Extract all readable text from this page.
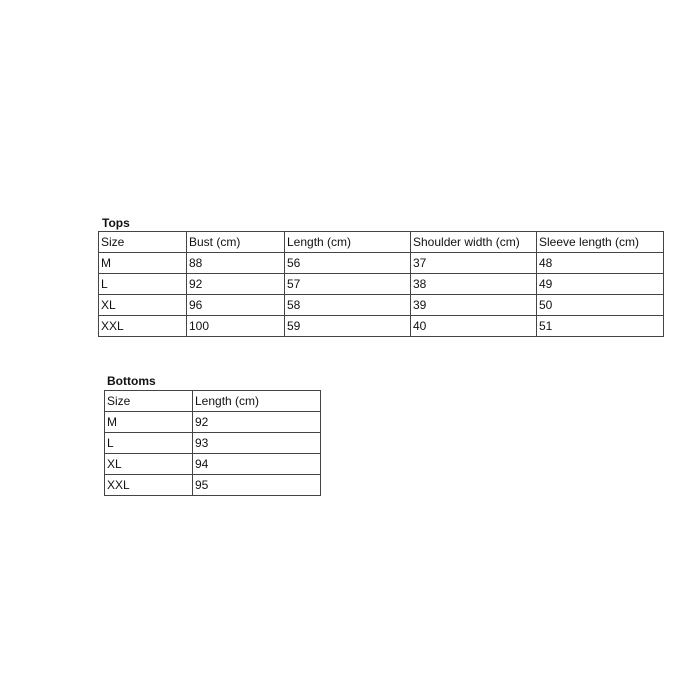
Tops
Size	Bust (cm)	Length (cm)	Shoulder width (cm)	Sleeve length (cm)
M	88	56	37	48
L	92	57	38	49
XL	96	58	39	50
XXL	100	59	40	51
Bottoms
Size	Length (cm)
M	92
L	93
XL	94
XXL	95
